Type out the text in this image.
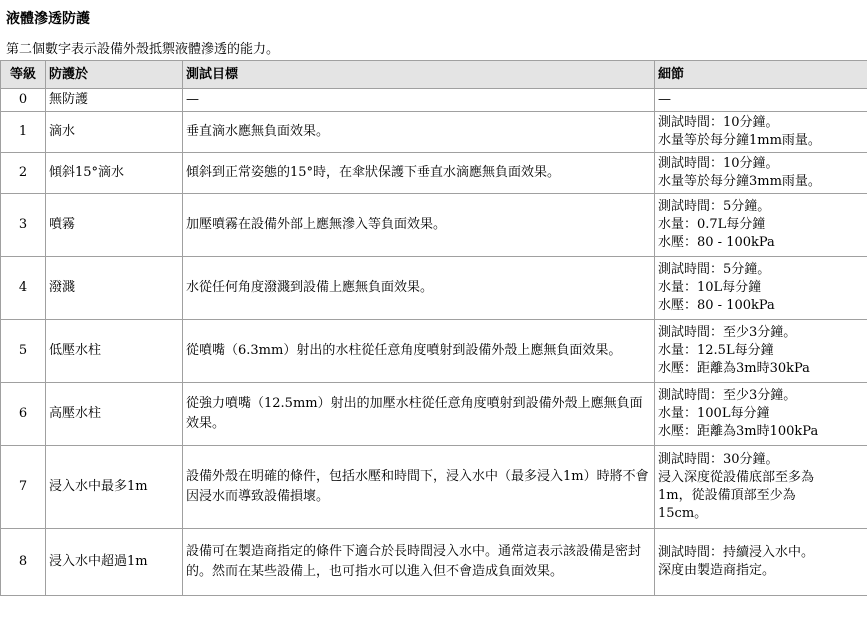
液體滲透防護
第二個數字表示設備外殼抵禦液體滲透的能力。
等級	防護於	測試目標	細節
0	無防護	—	—

1	滴水	垂直滴水應無負面效果。	測試時間：10分鐘。
水量等於每分鐘1mm雨量。

2	傾斜15°滴水	傾斜到正常姿態的15°時，在傘狀保護下垂直水滴應無負面效果。	測試時間：10分鐘。
水量等於每分鐘3mm雨量。

3	噴霧	加壓噴霧在設備外部上應無滲入等負面效果。	測試時間：5分鐘。
水量：0.7L每分鐘
水壓：80 - 100kPa

4	潑濺	水從任何角度潑濺到設備上應無負面效果。	測試時間：5分鐘。
水量：10L每分鐘
水壓：80 - 100kPa

5	低壓水柱	從噴嘴（6.3mm）射出的水柱從任意角度噴射到設備外殼上應無負面效果。	測試時間：至少3分鐘。
水量：12.5L每分鐘
水壓：距離為3m時30kPa

6	高壓水柱	從強力噴嘴（12.5mm）射出的加壓水柱從任意角度噴射到設備外殼上應無負面效果。	測試時間：至少3分鐘。
水量：100L每分鐘
水壓：距離為3m時100kPa

7	浸入水中最多1m	設備外殼在明確的條件，包括水壓和時間下，浸入水中（最多浸入1m）時將不會因浸水而導致設備損壞。	測試時間：30分鐘。
浸入深度從設備底部至多為
1m，從設備頂部至少為
15cm。

8	浸入水中超過1m	設備可在製造商指定的條件下適合於長時間浸入水中。通常這表示該設備是密封的。然而在某些設備上，也可指水可以進入但不會造成負面效果。	測試時間：持續浸入水中。
深度由製造商指定。
